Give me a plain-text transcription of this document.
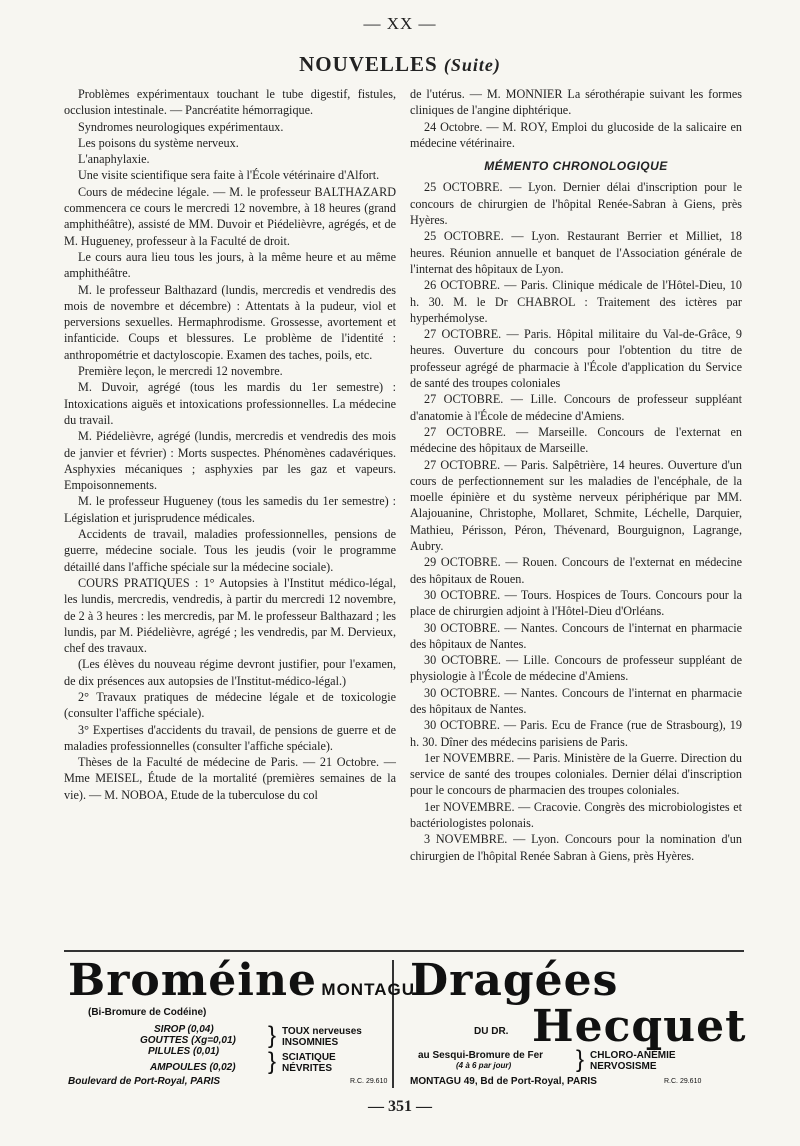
— XX —
NOUVELLES (Suite)

Problèmes expérimentaux touchant le tube digestif, fistules, occlusion intestinale. — Pancréatite hémorragique.

Syndromes neurologiques expérimentaux.

Les poisons du système nerveux.

L'anaphylaxie.

Une visite scientifique sera faite à l'École vétérinaire d'Alfort.

Cours de médecine légale. — M. le professeur BALTHAZARD commencera ce cours le mercredi 12 novembre, à 18 heures (grand amphithéâtre), assisté de MM. Duvoir et Piédelièvre, agrégés, et de M. Hugueney, professeur à la Faculté de droit.

Le cours aura lieu tous les jours, à la même heure et au même amphithéâtre.

M. le professeur Balthazard (lundis, mercredis et vendredis des mois de novembre et décembre) : Attentats à la pudeur, viol et perversions sexuelles. Hermaphrodisme. Grossesse, avortement et infanticide. Coups et blessures. Le problème de l'identité : anthropométrie et dactyloscopie. Examen des taches, poils, etc.

Première leçon, le mercredi 12 novembre.

M. Duvoir, agrégé (tous les mardis du 1er semestre) : Intoxications aiguës et intoxications professionnelles. La médecine du travail.

M. Piédelièvre, agrégé (lundis, mercredis et vendredis des mois de janvier et février) : Morts suspectes. Phénomènes cadavériques. Asphyxies mécaniques ; asphyxies par les gaz et vapeurs. Empoisonnements.

M. le professeur Hugueney (tous les samedis du 1er semestre) : Législation et jurisprudence médicales.

Accidents de travail, maladies professionnelles, pensions de guerre, médecine sociale. Tous les jeudis (voir le programme détaillé dans l'affiche spéciale sur la médecine sociale).

COURS PRATIQUES : 1° Autopsies à l'Institut médico-légal, les lundis, mercredis, vendredis, à partir du mercredi 12 novembre, de 2 à 3 heures : les mercredis, par M. le professeur Balthazard ; les lundis, par M. Piédelièvre, agrégé ; les vendredis, par M. Dervieux, chef des travaux.

(Les élèves du nouveau régime devront justifier, pour l'examen, de dix présences aux autopsies de l'Institut-médico-légal.)

2° Travaux pratiques de médecine légale et de toxicologie (consulter l'affiche spéciale).

3° Expertises d'accidents du travail, de pensions de guerre et de maladies professionnelles (consulter l'affiche spéciale).

Thèses de la Faculté de médecine de Paris. — 21 Octobre. — Mme MEISEL, Étude de la mortalité (premières semaines de la vie). — M. NOBOA, Etude de la tuberculose du col

de l'utérus. — M. MONNIER La sérothérapie suivant les formes cliniques de l'angine diphtérique.

24 Octobre. — M. ROY, Emploi du glucoside de la salicaire en médecine vétérinaire.

MÉMENTO CHRONOLOGIQUE

25 OCTOBRE. — Lyon. Dernier délai d'inscription pour le concours de chirurgien de l'hôpital Renée-Sabran à Giens, près Hyères.

25 OCTOBRE. — Lyon. Restaurant Berrier et Milliet, 18 heures. Réunion annuelle et banquet de l'Association générale de l'internat des hôpitaux de Lyon.

26 OCTOBRE. — Paris. Clinique médicale de l'Hôtel-Dieu, 10 h. 30. M. le Dr CHABROL : Traitement des ictères par hyperhémolyse.

27 OCTOBRE. — Paris. Hôpital militaire du Val-de-Grâce, 9 heures. Ouverture du concours pour l'obtention du titre de professeur agrégé de pharmacie à l'École d'application du Service de santé des troupes coloniales

27 OCTOBRE. — Lille. Concours de professeur suppléant d'anatomie à l'École de médecine d'Amiens.

27 OCTOBRE. — Marseille. Concours de l'externat en médecine des hôpitaux de Marseille.

27 OCTOBRE. — Paris. Salpêtrière, 14 heures. Ouverture d'un cours de perfectionnement sur les maladies de l'encéphale, de la moelle épinière et du système nerveux périphérique par MM. Alajouanine, Christophe, Mollaret, Schmite, Léchelle, Darquier, Mathieu, Périsson, Péron, Thévenard, Bourguignon, Lagrange, Aubry.

29 OCTOBRE. — Rouen. Concours de l'externat en médecine des hôpitaux de Rouen.

30 OCTOBRE. — Tours. Hospices de Tours. Concours pour la place de chirurgien adjoint à l'Hôtel-Dieu d'Orléans.

30 OCTOBRE. — Nantes. Concours de l'internat en pharmacie des hôpitaux de Nantes.

30 OCTOBRE. — Lille. Concours de professeur suppléant de physiologie à l'École de médecine d'Amiens.

30 OCTOBRE. — Nantes. Concours de l'internat en pharmacie des hôpitaux de Nantes.

30 OCTOBRE. — Paris. Ecu de France (rue de Strasbourg), 19 h. 30. Dîner des médecins parisiens de Paris.

1er NOVEMBRE. — Paris. Ministère de la Guerre. Direction du service de santé des troupes coloniales. Dernier délai d'inscription pour le concours de pharmacien des troupes coloniales.

1er NOVEMBRE. — Cracovie. Congrès des microbiologistes et bactériologistes polonais.

3 NOVEMBRE. — Lyon. Concours pour la nomination d'un chirurgien de l'hôpital Renée Sabran à Giens, près Hyères.

Broméine MONTAGU
(Bi-Bromure de Codéine)
SIROP (0,04)
GOUTTES (Xg=0,01)
PILULES (0,01)
AMPOULES (0,02)
} TOUX nerveuses
INSOMNIES
} SCIATIQUE
NÉVRITES
Boulevard de Port-Royal, PARIS	R.C. 29.610
Dragées
DU DR. Hecquet
au Sesqui-Bromure de Fer
(4 à 6 par jour)	} CHLORO-ANÉMIE
NERVOSISME
MONTAGU 49, Bd de Port-Royal, PARIS	R.C. 29.610
— 351 —
